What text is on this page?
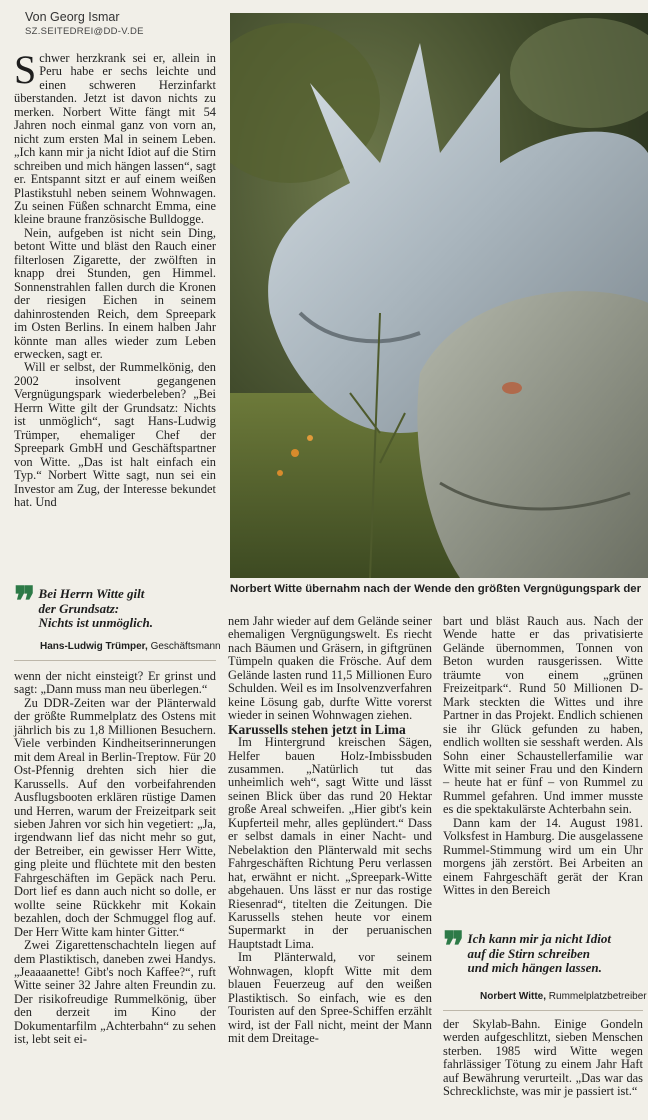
Von Georg Ismar
SZ.SEITEDREI@DD-V.DE
Norbert Witte übernahm nach der Wende den größten Vergnügungspark der

Schwer herzkrank sei er, allein in Peru habe er sechs leichte und einen schweren Herzinfarkt überstanden. Jetzt ist davon nichts zu merken. Norbert Witte fängt mit 54 Jahren noch einmal ganz von vorn an, nicht zum ersten Mal in seinem Leben. „Ich kann mir ja nicht Idiot auf die Stirn schreiben und mich hängen lassen“, sagt er. Entspannt sitzt er auf einem weißen Plastikstuhl neben seinem Wohnwagen. Zu seinen Füßen schnarcht Emma, eine kleine braune französische Bulldogge.

Nein, aufgeben ist nicht sein Ding, betont Witte und bläst den Rauch einer filterlosen Zigarette, der zwölften in knapp drei Stunden, gen Himmel. Sonnenstrahlen fallen durch die Kronen der riesigen Eichen in seinem dahinrostenden Reich, dem Spreepark im Osten Berlins. In einem halben Jahr könnte man alles wieder zum Leben erwecken, sagt er.

Will er selbst, der Rummelkönig, den 2002 insolvent gegangenen Vergnügungspark wiederbeleben? „Bei Herrn Witte gilt der Grundsatz: Nichts ist unmöglich“, sagt Hans-Ludwig Trümper, ehemaliger Chef der Spreepark GmbH und Geschäftspartner von Witte. „Das ist halt einfach ein Typ.“ Norbert Witte sagt, nun sei ein Investor am Zug, der Interesse bekundet hat. Und

❞ Bei Herrn Witte gilt
der Grundsatz:
Nichts ist unmöglich.
Hans-Ludwig Trümper, Geschäftsmann

wenn der nicht einsteigt? Er grinst und sagt: „Dann muss man neu überlegen.“

Zu DDR-Zeiten war der Plänterwald der größte Rummelplatz des Ostens mit jährlich bis zu 1,8 Millionen Besuchern. Viele verbinden Kindheitserinnerungen mit dem Areal in Berlin-Treptow. Für 20 Ost-Pfennig drehten sich hier die Karussells. Auf den vorbeifahrenden Ausflugsbooten erklären rüstige Damen und Herren, warum der Freizeitpark seit sieben Jahren vor sich hin vegetiert: „Ja, irgendwann lief das nicht mehr so gut, der Betreiber, ein gewisser Herr Witte, ging pleite und flüchtete mit den besten Fahrgeschäften im Gepäck nach Peru. Dort lief es dann auch nicht so dolle, er wollte seine Rückkehr mit Kokain bezahlen, doch der Schmuggel flog auf. Der Herr Witte kam hinter Gitter.“

Zwei Zigarettenschachteln liegen auf dem Plastiktisch, daneben zwei Handys. „Jeaaaanette! Gibt's noch Kaffee?“, ruft Witte seiner 32 Jahre alten Freundin zu. Der risikofreudige Rummelkönig, über den derzeit im Kino der Dokumentarfilm „Achterbahn“ zu sehen ist, lebt seit ei-

nem Jahr wieder auf dem Gelände seiner ehemaligen Vergnügungswelt. Es riecht nach Bäumen und Gräsern, in giftgrünen Tümpeln quaken die Frösche. Auf dem Gelände lasten rund 11,5 Millionen Euro Schulden. Weil es im Insolvenzverfahren keine Lösung gab, durfte Witte vorerst wieder in seinen Wohnwagen ziehen.

Karussells stehen jetzt in Lima

Im Hintergrund kreischen Sägen, Helfer bauen Holz-Imbissbuden zusammen. „Natürlich tut das unheimlich weh“, sagt Witte und lässt seinen Blick über das rund 20 Hektar große Areal schweifen. „Hier gibt's kein Kupferteil mehr, alles geplündert.“ Dass er selbst damals in einer Nacht- und Nebelaktion den Plänterwald mit sechs Fahrgeschäften Richtung Peru verlassen hat, erwähnt er nicht. „Spreepark-Witte abgehauen. Uns lässt er nur das rostige Riesenrad“, titelten die Zeitungen. Die Karussells stehen heute vor einem Supermarkt in der peruanischen Hauptstadt Lima.

Im Plänterwald, vor seinem Wohnwagen, klopft Witte mit dem blauen Feuerzeug auf den weißen Plastiktisch. So einfach, wie es den Touristen auf den Spree-Schiffen erzählt wird, ist der Fall nicht, meint der Mann mit dem Dreitage-

bart und bläst Rauch aus. Nach der Wende hatte er das privatisierte Gelände übernommen, Tonnen von Beton wurden rausgerissen. Witte träumte von einem „grünen Freizeitpark“. Rund 50 Millionen D-Mark steckten die Wittes und ihre Partner in das Projekt. Endlich schienen sie ihr Glück gefunden zu haben, endlich wollten sie sesshaft werden. Als Sohn einer Schaustellerfamilie war Witte mit seiner Frau und den Kindern – heute hat er fünf – von Rummel zu Rummel gefahren. Und immer musste es die spektakulärste Achterbahn sein.

Dann kam der 14. August 1981. Volksfest in Hamburg. Die ausgelassene Rummel-Stimmung wird um ein Uhr morgens jäh zerstört. Bei Arbeiten an einem Fahrgeschäft gerät der Kran Wittes in den Bereich

❞ Ich kann mir ja nicht Idiot
auf die Stirn schreiben
und mich hängen lassen.
Norbert Witte, Rummelplatzbetreiber

der Skylab-Bahn. Einige Gondeln werden aufgeschlitzt, sieben Menschen sterben. 1985 wird Witte wegen fahrlässiger Tötung zu einem Jahr Haft auf Bewährung verurteilt. „Das war das Schrecklichste, was mir je passiert ist.“
